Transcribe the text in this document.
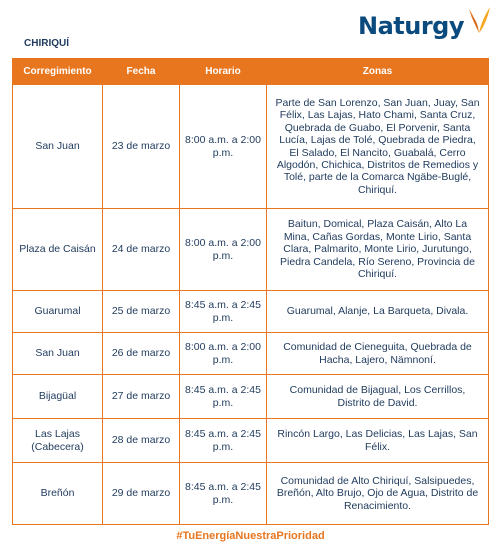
CHIRIQUÍ
Naturgy
Corregimiento	Fecha	Horario	Zonas
San Juan	23 de marzo	8:00 a.m. a 2:00 p.m.	Parte de San Lorenzo, San Juan, Juay, San Félix, Las Lajas, Hato Chami, Santa Cruz, Quebrada de Guabo, El Porvenir, Santa Lucía, Lajas de Tolé, Quebrada de Piedra, El Salado, El Nancito, Guabalá, Cerro Algodón, Chichica, Distritos de Remedios y Tolé, parte de la Comarca Ngäbe-Buglé, Chiriquí.
Plaza de Caisán	24 de marzo	8:00 a.m. a 2:00 p.m.	Baitun, Domical, Plaza Caisán, Alto La Mina, Cañas Gordas, Monte Lirio, Santa Clara, Palmarito, Monte Lirio, Jurutungo, Piedra Candela, Río Sereno, Provincia de Chiriquí.
Guarumal	25 de marzo	8:45 a.m. a 2:45 p.m.	Guarumal, Alanje, La Barqueta, Divala.
San Juan	26 de marzo	8:00 a.m. a 2:00 p.m.	Comunidad de Cieneguita, Quebrada de Hacha, Lajero, Nämnoní.
Bijagüal	27 de marzo	8:45 a.m. a 2:45 p.m.	Comunidad de Bijagual, Los Cerrillos, Distrito de David.
Las Lajas (Cabecera)	28 de marzo	8:45 a.m. a 2:45 p.m.	Rincón Largo, Las Delicias, Las Lajas, San Félix.
Breñón	29 de marzo	8:45 a.m. a 2:45 p.m.	Comunidad de Alto Chiriquí, Salsipuedes, Breñón, Alto Brujo, Ojo de Agua, Distrito de Renacimiento.
#TuEnergíaNuestraPrioridad
